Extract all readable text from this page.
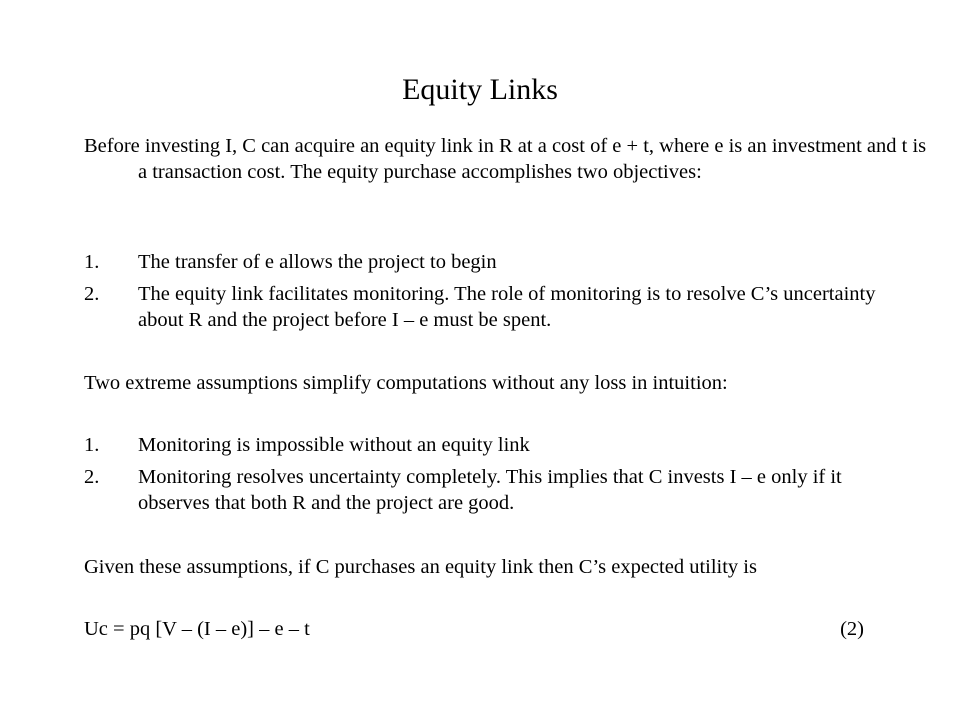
Equity Links
Before investing I, C can acquire an equity link in R at a cost of e + t, where e is an investment and t is a transaction cost. The equity purchase accomplishes two objectives:
1.	The transfer of e allows the project to begin
2.	The equity link facilitates monitoring. The role of monitoring is to resolve C’s uncertainty about R and the project before I – e must be spent.
Two extreme assumptions simplify computations without any loss in intuition:
1.	Monitoring is impossible without an equity link
2.	Monitoring resolves uncertainty completely. This implies that C invests I – e only if it observes that both R and the project are good.
Given these assumptions, if C purchases an equity link then C’s expected utility is
Uc = pq [V – (I – e)] – e – t	(2)
